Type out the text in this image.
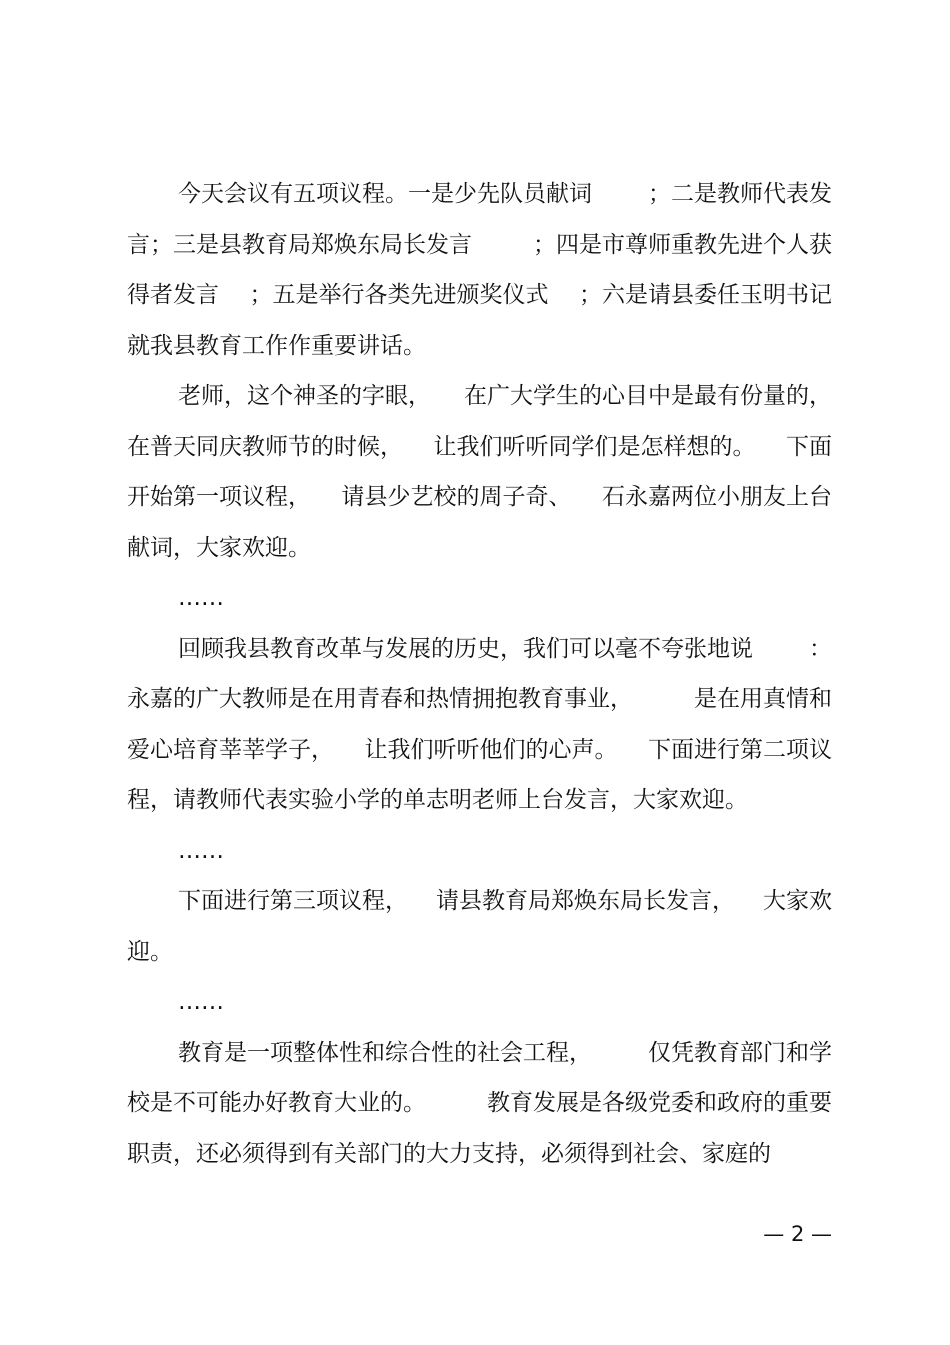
今天会议有五项议程。一是少先队员献词 ；二是教师代表发
言；三是县教育局郑焕东局长发言	；四是市尊师重教先进个人获
得者发言 ；五是举行各类先进颁奖仪式 ；六是请县委任玉明书记
就我县教育工作作重要讲话。
老师，这个神圣的字眼， 在广大学生的心目中是最有份量的，
在普天同庆教师节的时候， 让我们听听同学们是怎样想的。 下面
开始第一项议程， 请县少艺校的周子奇、 石永嘉两位小朋友上台
献词，大家欢迎。
……
回顾我县教育改革与发展的历史，我们可以毫不夸张地说 ：
永嘉的广大教师是在用青春和热情拥抱教育事业，	是在用真情和
爱心培育莘莘学子， 让我们听听他们的心声。 下面进行第二项议
程，请教师代表实验小学的单志明老师上台发言，大家欢迎。
……
下面进行第三项议程， 请县教育局郑焕东局长发言， 大家欢
迎。
……
教育是一项整体性和综合性的社会工程， 仅凭教育部门和学
校是不可能办好教育大业的。	教育发展是各级党委和政府的重要
职责，还必须得到有关部门的大力支持，必须得到社会、家庭的
— 2 —
